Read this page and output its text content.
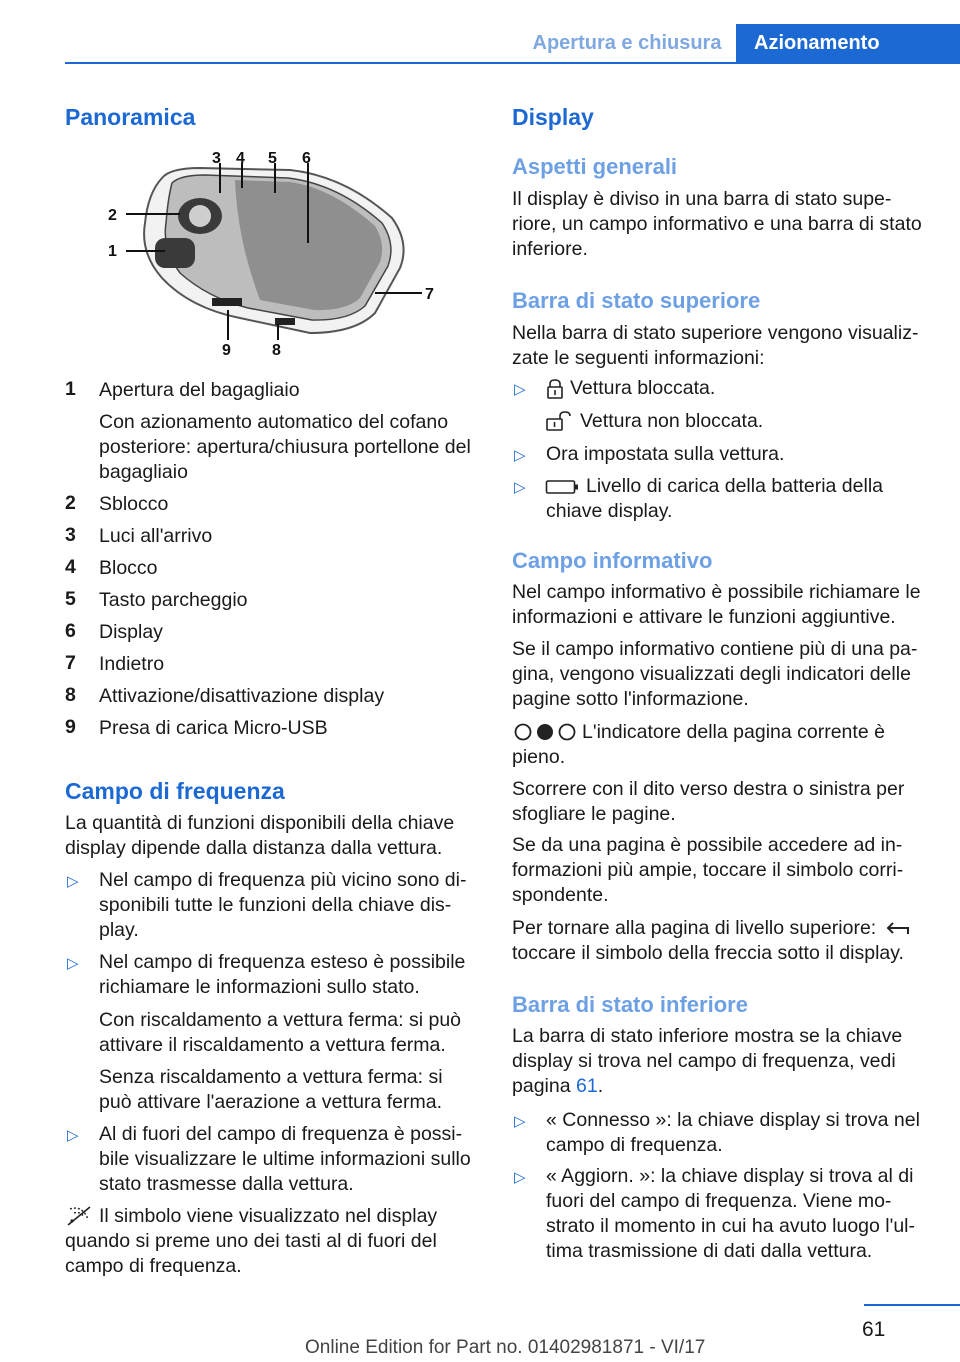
Apertura e chiusura	Azionamento
Panoramica
3 4 5 6
2
1
7
9	8
1 Apertura del bagagliaio
Con azionamento automatico del cofano posteriore: apertura/chiusura portellone del bagagliaio
2 Sblocco
3 Luci all'arrivo
4 Blocco
5 Tasto parcheggio
6 Display
7 Indietro
8 Attivazione/disattivazione display
9 Presa di carica Micro-USB
Campo di frequenza
La quantità di funzioni disponibili della chiave display dipende dalla distanza dalla vettura.
▷ Nel campo di frequenza più vicino sono di-sponibili tutte le funzioni della chiave dis-play.
▷ Nel campo di frequenza esteso è possibile richiamare le informazioni sullo stato.
Con riscaldamento a vettura ferma: si può attivare il riscaldamento a vettura ferma.
Senza riscaldamento a vettura ferma: si può attivare l'aerazione a vettura ferma.
▷ Al di fuori del campo di frequenza è possi-bile visualizzare le ultime informazioni sullo stato trasmesse dalla vettura.
Il simbolo viene visualizzato nel display quando si preme uno dei tasti al di fuori del campo di frequenza.
Display
Aspetti generali
Il display è diviso in una barra di stato supe-riore, un campo informativo e una barra di stato inferiore.
Barra di stato superiore
Nella barra di stato superiore vengono visualiz-zate le seguenti informazioni:
▷ Vettura bloccata.
Vettura non bloccata.
▷ Ora impostata sulla vettura.
▷	Livello di carica della batteria della chiave display.
Campo informativo
Nel campo informativo è possibile richiamare le informazioni e attivare le funzioni aggiuntive.
Se il campo informativo contiene più di una pa-gina, vengono visualizzati degli indicatori delle pagine sotto l'informazione.
L'indicatore della pagina corrente è pieno.
Scorrere con il dito verso destra o sinistra per sfogliare le pagine.
Se da una pagina è possibile accedere ad in-formazioni più ampie, toccare il simbolo corri-spondente.
Per tornare alla pagina di livello superiore:
toccare il simbolo della freccia sotto il display.
Barra di stato inferiore
La barra di stato inferiore mostra se la chiave display si trova nel campo di frequenza, vedi pagina 61.
▷ « Connesso »: la chiave display si trova nel campo di frequenza.
▷ « Aggiorn. »: la chiave display si trova al di fuori del campo di frequenza. Viene mo-strato il momento in cui ha avuto luogo l'ul-tima trasmissione di dati dalla vettura.
61
Online Edition for Part no. 01402981871 - VI/17
